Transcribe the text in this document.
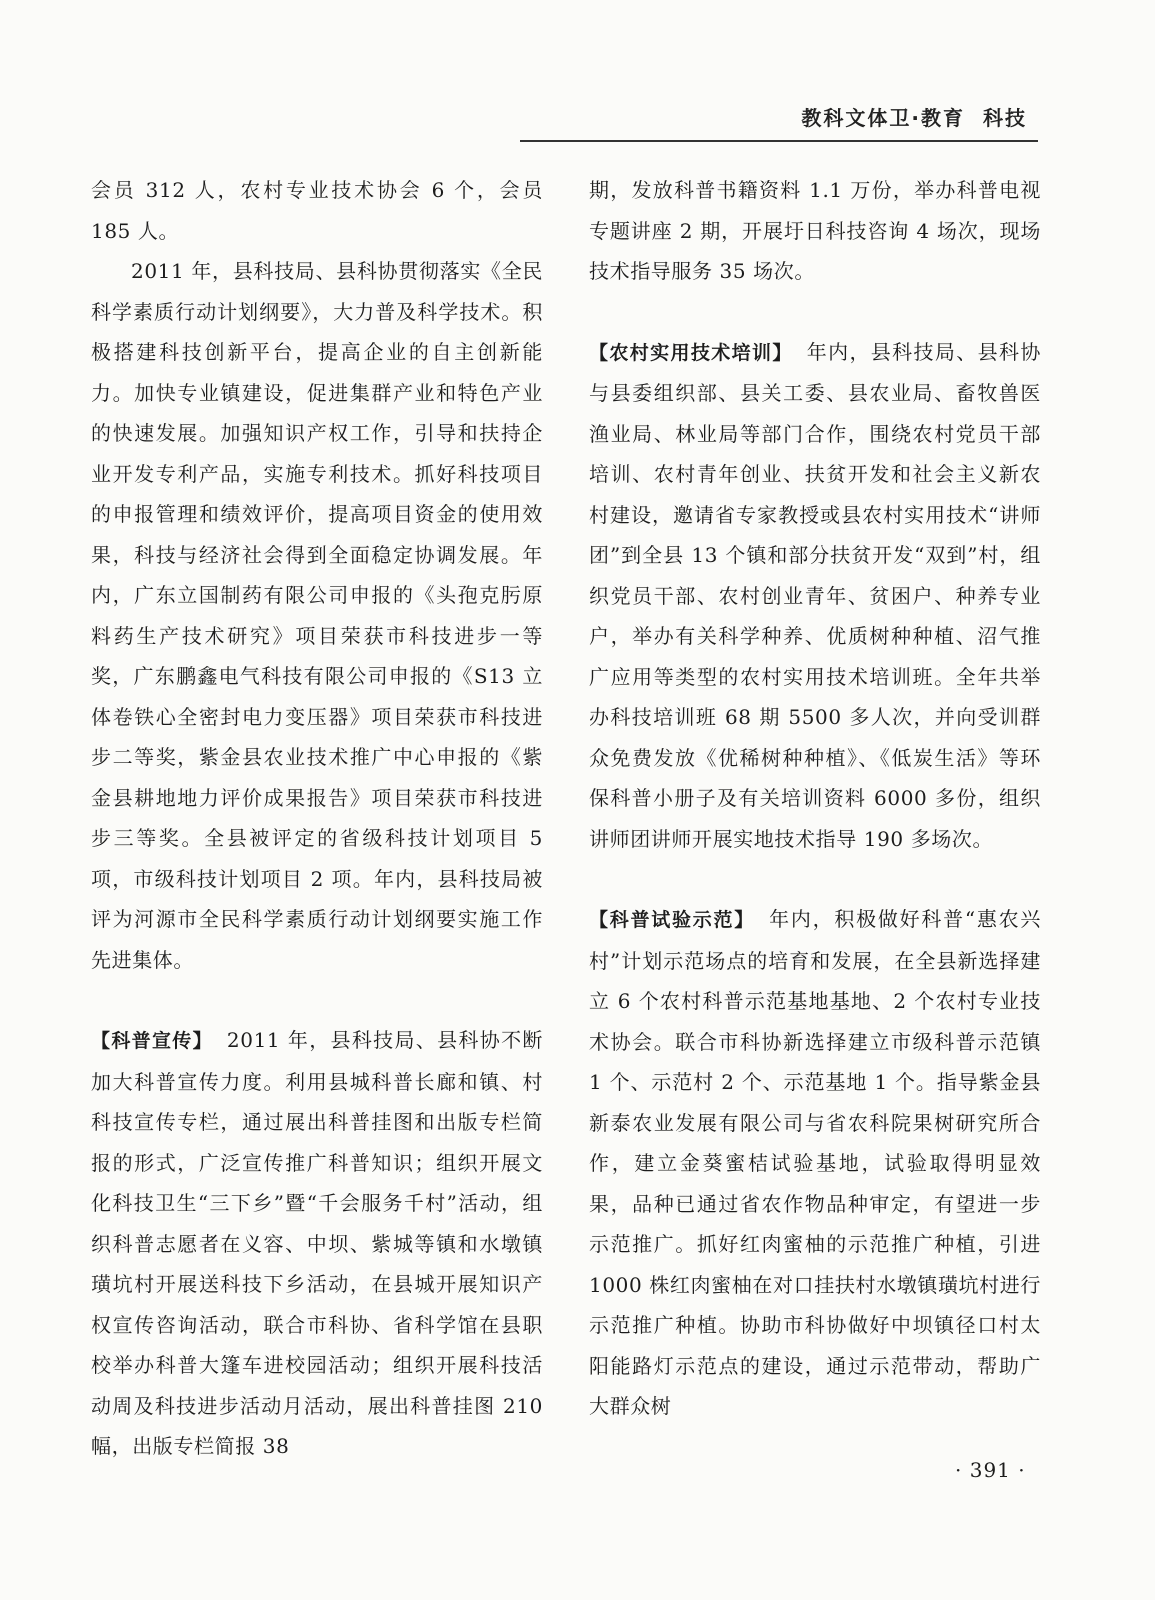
教科文体卫·教育 科技

会员 312 人，农村专业技术协会 6 个，会员 185 人。

2011 年，县科技局、县科协贯彻落实《全民科学素质行动计划纲要》，大力普及科学技术。积极搭建科技创新平台，提高企业的自主创新能力。加快专业镇建设，促进集群产业和特色产业的快速发展。加强知识产权工作，引导和扶持企业开发专利产品，实施专利技术。抓好科技项目的申报管理和绩效评价，提高项目资金的使用效果，科技与经济社会得到全面稳定协调发展。年内，广东立国制药有限公司申报的《头孢克肟原料药生产技术研究》项目荣获市科技进步一等奖，广东鹏鑫电气科技有限公司申报的《S13 立体卷铁心全密封电力变压器》项目荣获市科技进步二等奖，紫金县农业技术推广中心申报的《紫金县耕地地力评价成果报告》项目荣获市科技进步三等奖。全县被评定的省级科技计划项目 5 项，市级科技计划项目 2 项。年内，县科技局被评为河源市全民科学素质行动计划纲要实施工作先进集体。

【科普宣传】 2011 年，县科技局、县科协不断加大科普宣传力度。利用县城科普长廊和镇、村科技宣传专栏，通过展出科普挂图和出版专栏简报的形式，广泛宣传推广科普知识；组织开展文化科技卫生“三下乡”暨“千会服务千村”活动，组织科普志愿者在义容、中坝、紫城等镇和水墩镇璜坑村开展送科技下乡活动，在县城开展知识产权宣传咨询活动，联合市科协、省科学馆在县职校举办科普大篷车进校园活动；组织开展科技活动周及科技进步活动月活动，展出科普挂图 210 幅，出版专栏简报 38

期，发放科普书籍资料 1.1 万份，举办科普电视专题讲座 2 期，开展圩日科技咨询 4 场次，现场技术指导服务 35 场次。

【农村实用技术培训】 年内，县科技局、县科协与县委组织部、县关工委、县农业局、畜牧兽医渔业局、林业局等部门合作，围绕农村党员干部培训、农村青年创业、扶贫开发和社会主义新农村建设，邀请省专家教授或县农村实用技术“讲师团”到全县 13 个镇和部分扶贫开发“双到”村，组织党员干部、农村创业青年、贫困户、种养专业户，举办有关科学种养、优质树种种植、沼气推广应用等类型的农村实用技术培训班。全年共举办科技培训班 68 期 5500 多人次，并向受训群众免费发放《优稀树种种植》、《低炭生活》等环保科普小册子及有关培训资料 6000 多份，组织讲师团讲师开展实地技术指导 190 多场次。

【科普试验示范】 年内，积极做好科普“惠农兴村”计划示范场点的培育和发展，在全县新选择建立 6 个农村科普示范基地基地、2 个农村专业技术协会。联合市科协新选择建立市级科普示范镇 1 个、示范村 2 个、示范基地 1 个。指导紫金县新泰农业发展有限公司与省农科院果树研究所合作，建立金葵蜜桔试验基地，试验取得明显效果，品种已通过省农作物品种审定，有望进一步示范推广。抓好红肉蜜柚的示范推广种植，引进 1000 株红肉蜜柚在对口挂扶村水墩镇璜坑村进行示范推广种植。协助市科协做好中坝镇径口村太阳能路灯示范点的建设，通过示范带动，帮助广大群众树

· 391 ·
